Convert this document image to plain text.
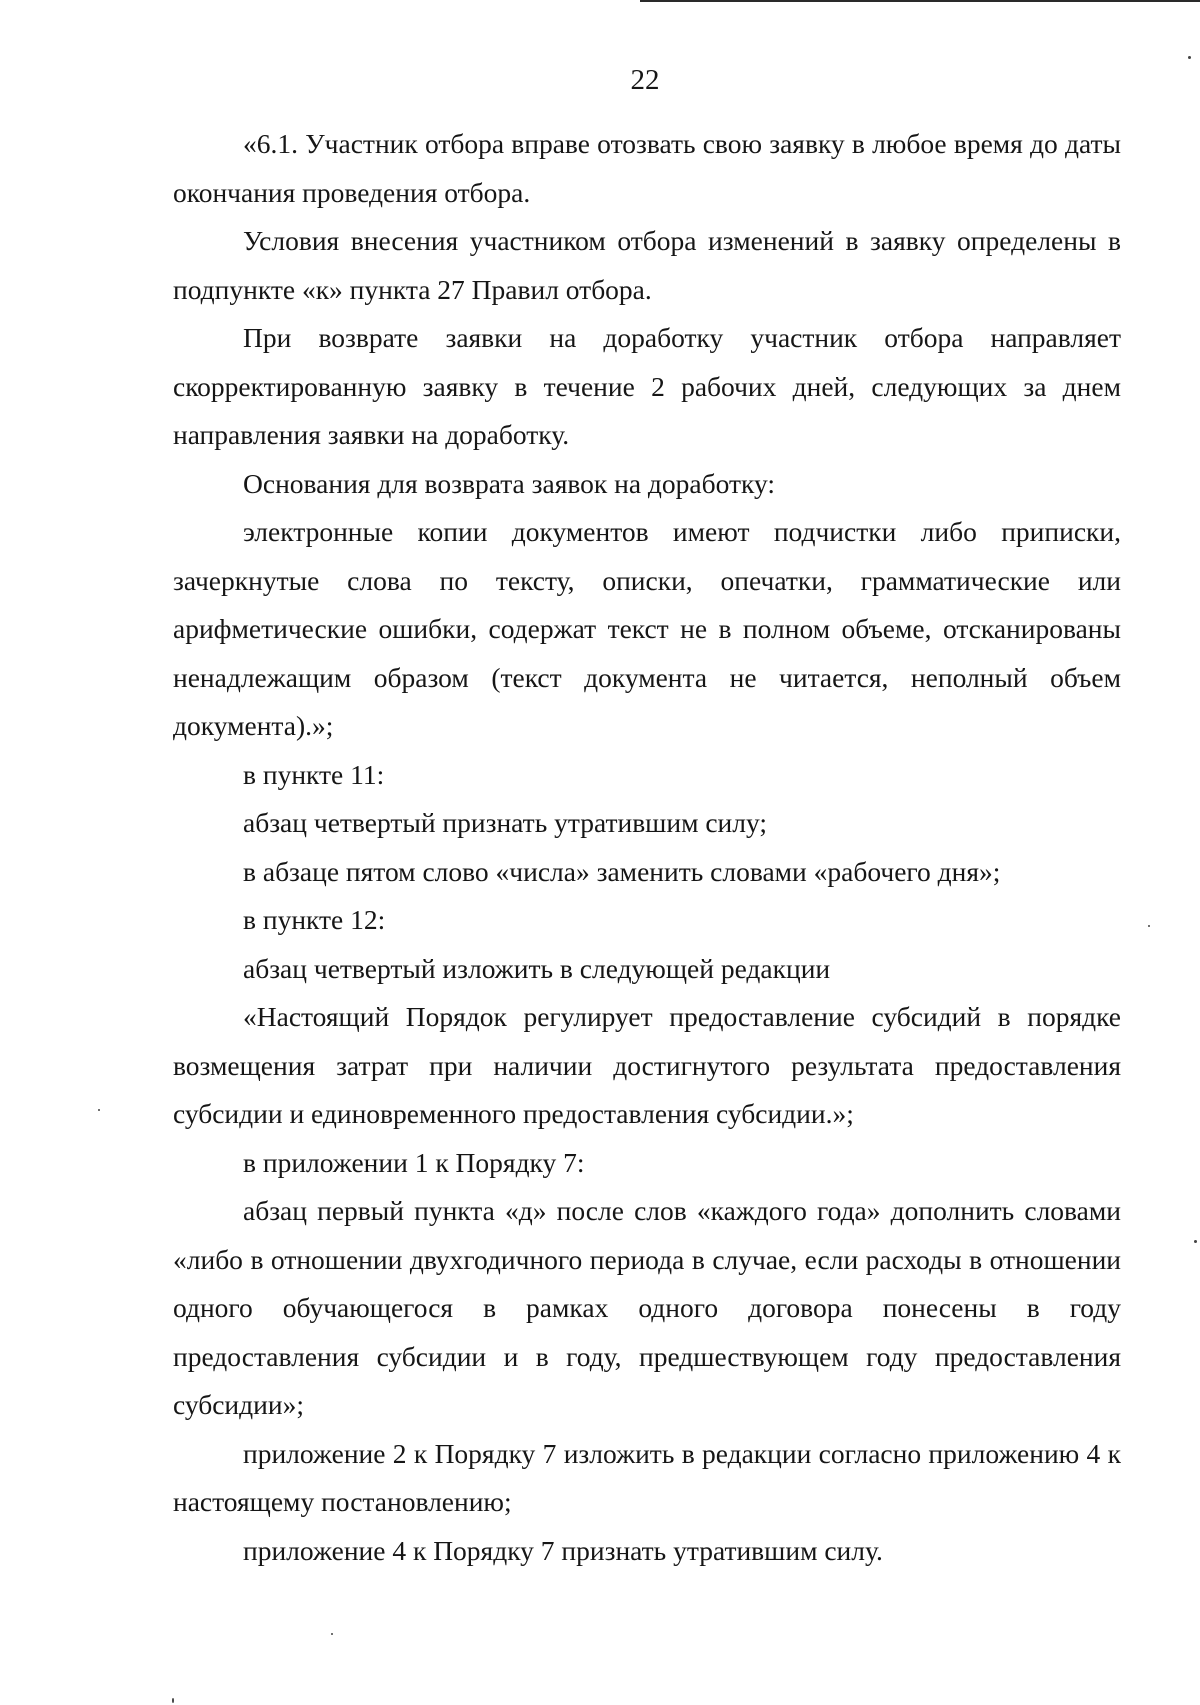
22

«6.1. Участник отбора вправе отозвать свою заявку в любое время до даты окончания проведения отбора.

Условия внесения участником отбора изменений в заявку определены в подпункте «к» пункта 27 Правил отбора.

При возврате заявки на доработку участник отбора направляет скорректированную заявку в течение 2 рабочих дней, следующих за днем направления заявки на доработку.

Основания для возврата заявок на доработку:

электронные копии документов имеют подчистки либо приписки, зачеркнутые слова по тексту, описки, опечатки, грамматические или арифметические ошибки, содержат текст не в полном объеме, отсканированы ненадлежащим образом (текст документа не читается, неполный объем документа).»;

в пункте 11:

абзац четвертый признать утратившим силу;

в абзаце пятом слово «числа» заменить словами «рабочего дня»;

в пункте 12:

абзац четвертый изложить в следующей редакции

«Настоящий Порядок регулирует предоставление субсидий в порядке возмещения затрат при наличии достигнутого результата предоставления субсидии и единовременного предоставления субсидии.»;

в приложении 1 к Порядку 7:

абзац первый пункта «д» после слов «каждого года» дополнить словами «либо в отношении двухгодичного периода в случае, если расходы в отношении одного обучающегося в рамках одного договора понесены в году предоставления субсидии и в году, предшествующем году предоставления субсидии»;

приложение 2 к Порядку 7 изложить в редакции согласно приложению 4 к настоящему постановлению;

приложение 4 к Порядку 7 признать утратившим силу.
